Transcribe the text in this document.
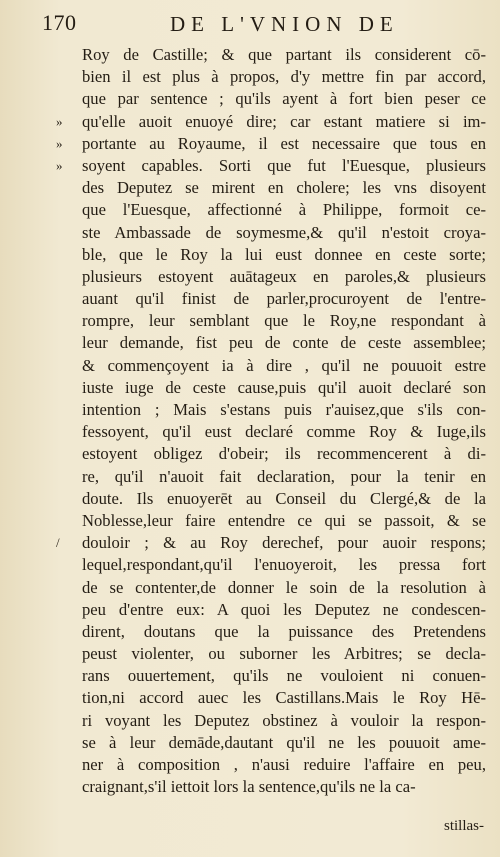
170	DE L'VNION DE
Roy de Castille; & que partant ils considerent cō-
bien il est plus à propos, d'y mettre fin par accord,
que par sentence ; qu'ils ayent à fort bien peser ce
qu'elle auoit enuoyé dire; car estant matiere si im-
»
portante au Royaume, il est necessaire que tous en
»
soyent capables. Sorti que fut l'Euesque, plusieurs
»
des Deputez se mirent en cholere; les vns disoyent
que l'Euesque, affectionné à Philippe, formoit ce-
ste Ambassade de soymesme,& qu'il n'estoit croya-
ble, que le Roy la lui eust donnee en ceste sorte;
plusieurs estoyent auātageux en paroles,& plusieurs
auant qu'il finist de parler,procuroyent de l'entre-
rompre, leur semblant que le Roy,ne respondant à
leur demande, fist peu de conte de ceste assemblee;
& commençoyent ia à dire , qu'il ne pouuoit estre
iuste iuge de ceste cause,puis qu'il auoit declaré son
intention ; Mais s'estans puis r'auisez,que s'ils con-
fessoyent, qu'il eust declaré comme Roy & Iuge,ils
estoyent obligez d'obeir; ils recommencerent à di-
re, qu'il n'auoit fait declaration, pour la tenir en
doute. Ils enuoyerēt au Conseil du Clergé,& de la
Noblesse,leur faire entendre ce qui se passoit, & se
douloir ; & au Roy derechef, pour auoir respons;
/
lequel,respondant,qu'il l'enuoyeroit, les pressa fort
de se contenter,de donner le soin de la resolution à
peu d'entre eux: A quoi les Deputez ne condescen-
dirent, doutans que la puissance des Pretendens
peust violenter, ou suborner les Arbitres; se decla-
rans ouuertement, qu'ils ne vouloient ni conuen-
tion,ni accord auec les Castillans.Mais le Roy Hē-
ri voyant les Deputez obstinez à vouloir la respon-
se à leur demāde,dautant qu'il ne les pouuoit ame-
ner à composition , n'ausi reduire l'affaire en peu,
craignant,s'il iettoit lors la sentence,qu'ils ne la ca-
stillas-
